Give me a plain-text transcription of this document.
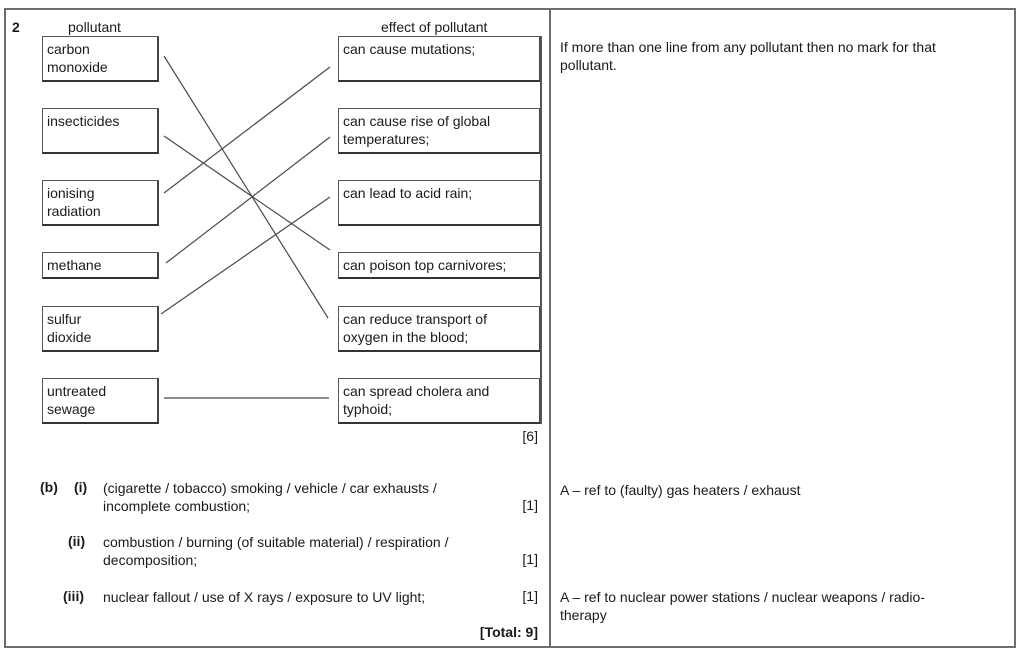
2	pollutant	effect of pollutant
carbon
monoxide
insecticides
ionising
radiation
methane
sulfur
dioxide
untreated
sewage
can cause mutations;
can cause rise of global
temperatures;
can lead to acid rain;
can poison top carnivores;
can reduce transport of
oxygen in the blood;
can spread cholera and
typhoid;
[6]
If more than one line from any pollutant then no mark for that
pollutant.
(b) (i) (cigarette / tobacco) smoking / vehicle / car exhausts /
incomplete combustion;	[1]
A – ref to (faulty) gas heaters / exhaust
(ii) combustion / burning (of suitable material) / respiration /
decomposition;	[1]
(iii) nuclear fallout / use of X rays / exposure to UV light;	[1] A – ref to nuclear power stations / nuclear weapons / radio-
therapy
[Total: 9]
